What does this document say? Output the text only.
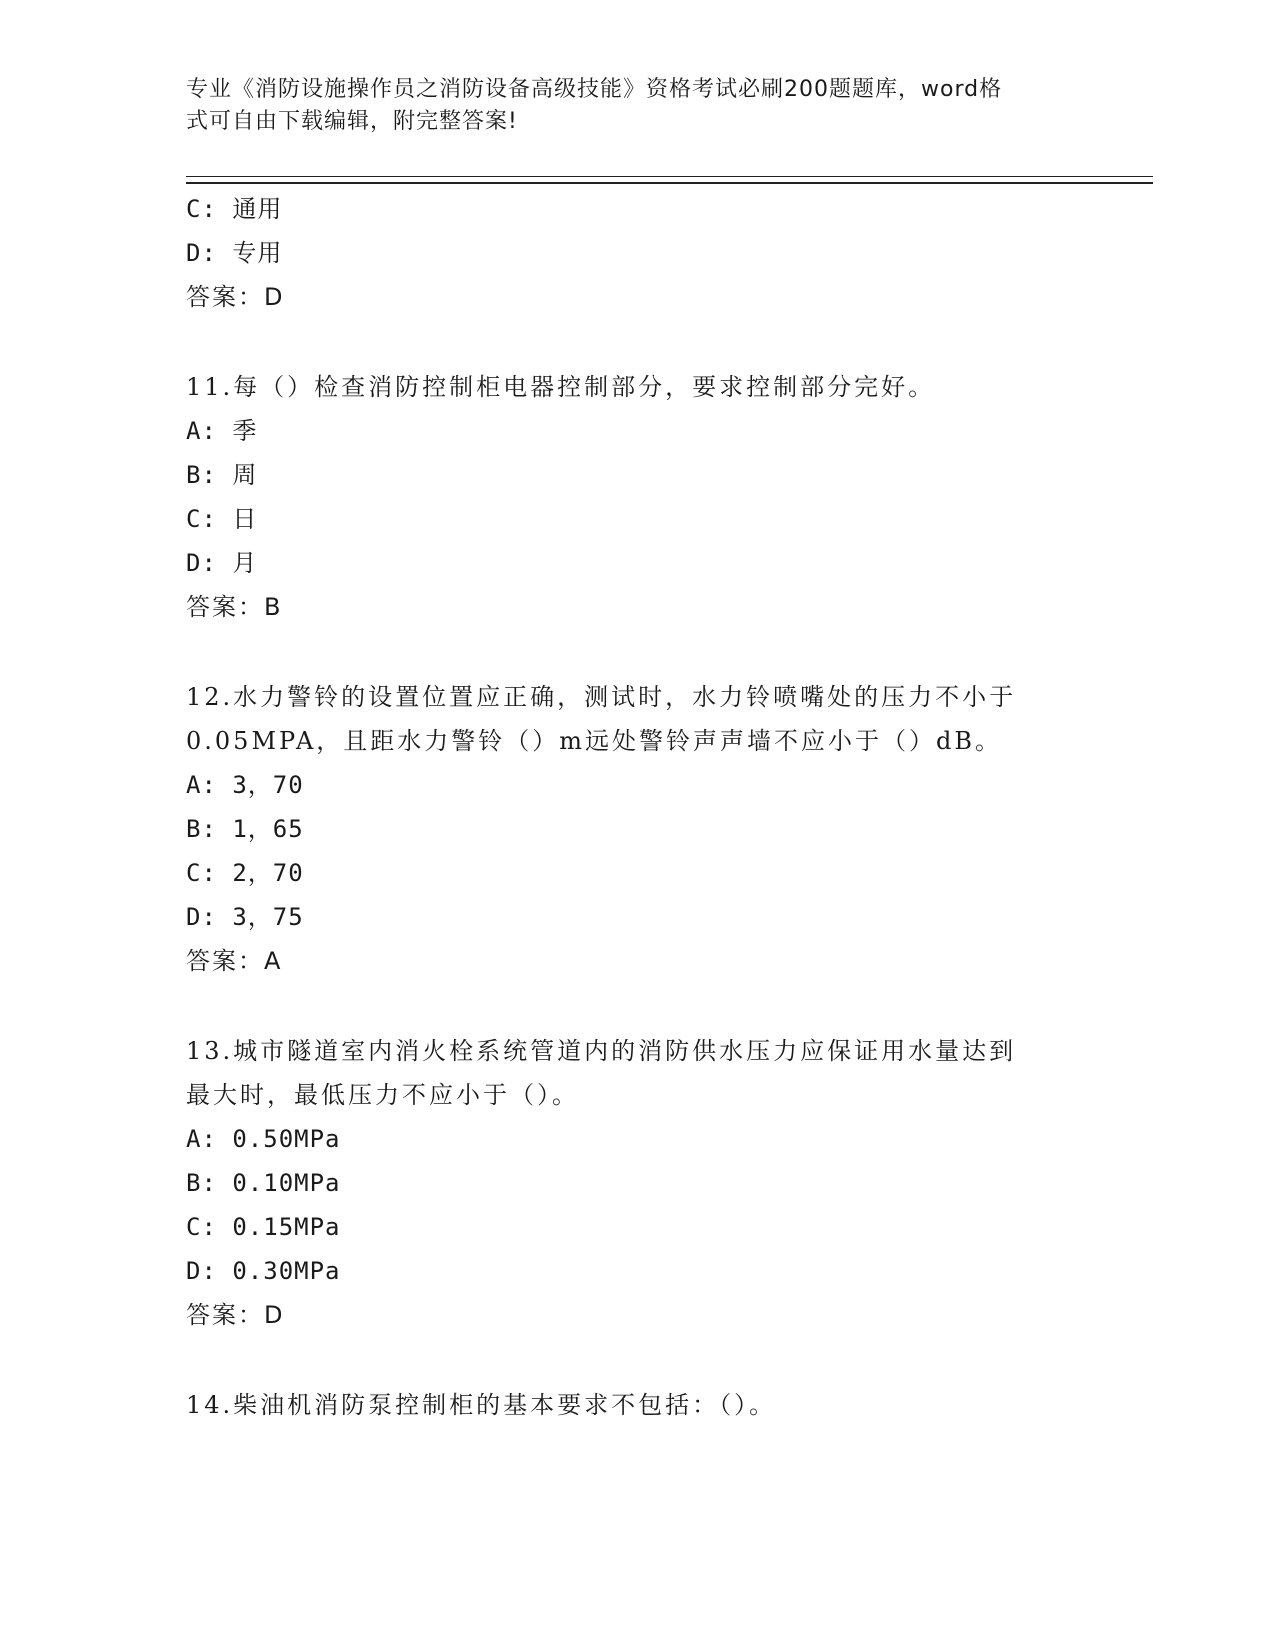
专业《消防设施操作员之消防设备高级技能》资格考试必刷200题题库，word格
式可自由下载编辑，附完整答案!
C: 通用
D: 专用
答案：D
11.每（）检查消防控制柜电器控制部分，要求控制部分完好。
A: 季
B: 周
C: 日
D: 月
答案：B
12.水力警铃的设置位置应正确，测试时，水力铃喷嘴处的压力不小于
0.05MPA，且距水力警铃（）m远处警铃声声墙不应小于（）dB。
A: 3，70
B: 1，65
C: 2，70
D: 3，75
答案：A
13.城市隧道室内消火栓系统管道内的消防供水压力应保证用水量达到
最大时，最低压力不应小于（）。
A: 0.50MPa
B: 0.10MPa
C: 0.15MPa
D: 0.30MPa
答案：D
14.柴油机消防泵控制柜的基本要求不包括：（）。
